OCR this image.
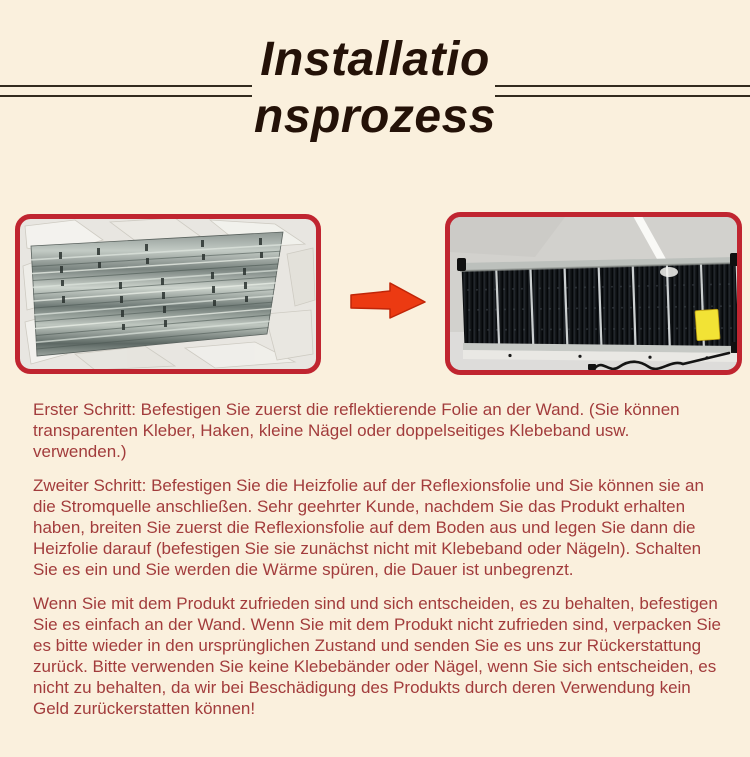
Installatio
nsprozess

Erster Schritt: Befestigen Sie zuerst die reflektierende Folie an der Wand. (Sie können transparenten Kleber, Haken, kleine Nägel oder doppelseitiges Klebeband usw. verwenden.)

Zweiter Schritt: Befestigen Sie die Heizfolie auf der Reflexionsfolie und Sie können sie an die Stromquelle anschließen. Sehr geehrter Kunde, nachdem Sie das Produkt erhalten haben, breiten Sie zuerst die Reflexionsfolie auf dem Boden aus und legen Sie dann die Heizfolie darauf (befestigen Sie sie zunächst nicht mit Klebeband oder Nägeln). Schalten Sie es ein und Sie werden die Wärme spüren, die Dauer ist unbegrenzt.

Wenn Sie mit dem Produkt zufrieden sind und sich entscheiden, es zu behalten, befestigen Sie es einfach an der Wand. Wenn Sie mit dem Produkt nicht zufrieden sind, verpacken Sie es bitte wieder in den ursprünglichen Zustand und senden Sie es uns zur Rückerstattung zurück. Bitte verwenden Sie keine Klebebänder oder Nägel, wenn Sie sich entscheiden, es nicht zu behalten, da wir bei Beschädigung des Produkts durch deren Verwendung kein Geld zurückerstatten können!
